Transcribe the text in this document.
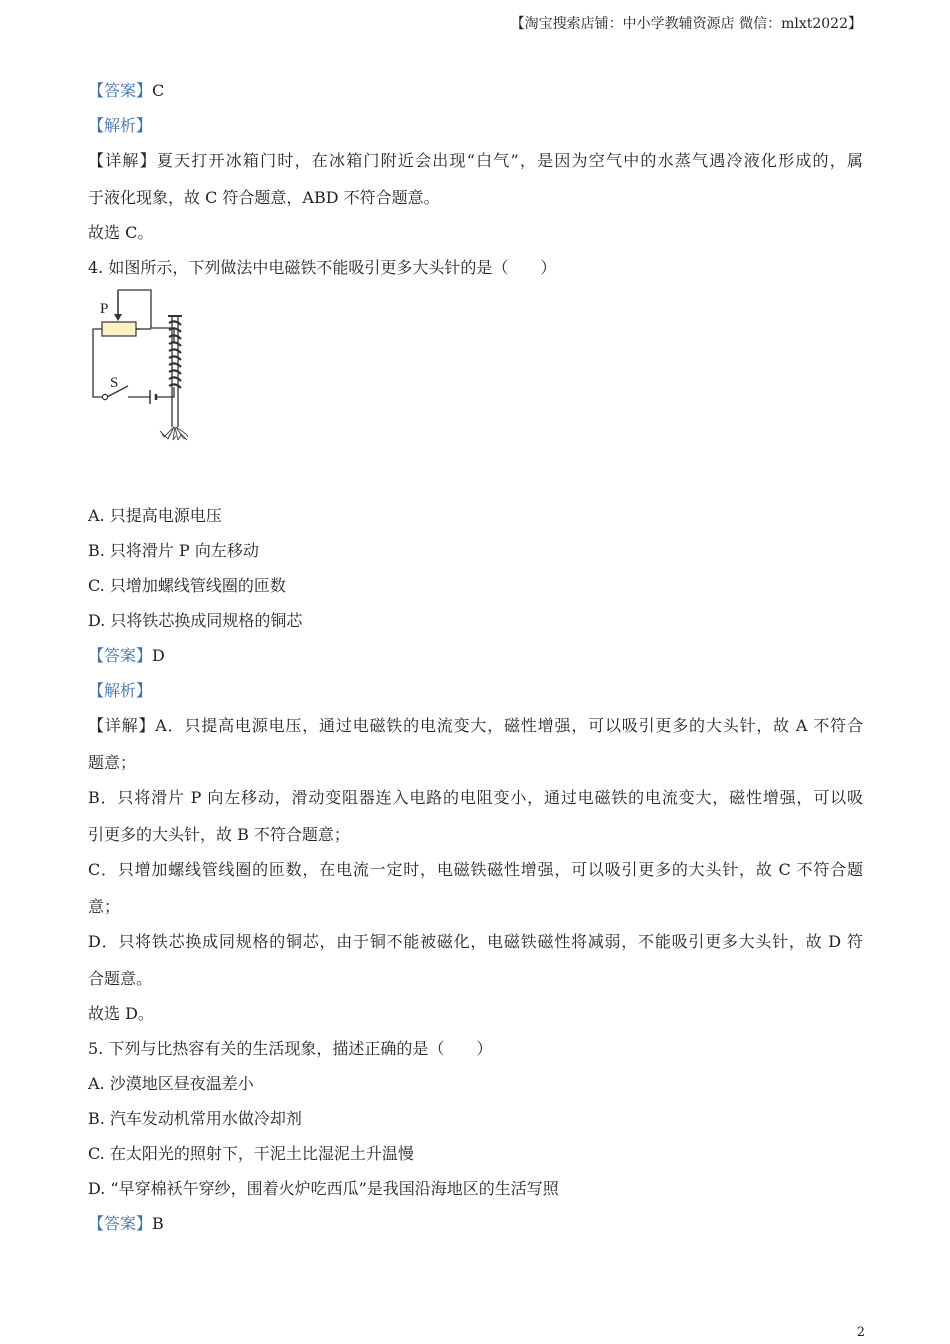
【淘宝搜索店铺：中小学教辅资源店 微信：mlxt2022】
【答案】C
【解析】
【详解】夏天打开冰箱门时，在冰箱门附近会出现“白气”，是因为空气中的水蒸气遇冷液化形成的，属
于液化现象，故 C 符合题意，ABD 不符合题意。
故选 C。
4. 如图所示，下列做法中电磁铁不能吸引更多大头针的是（　　）
P
S
A. 只提高电源电压
B. 只将滑片 P 向左移动
C. 只增加螺线管线圈的匝数
D. 只将铁芯换成同规格的铜芯
【答案】D
【解析】
【详解】A．只提高电源电压，通过电磁铁的电流变大，磁性增强，可以吸引更多的大头针，故 A 不符合
题意；
B．只将滑片 P 向左移动，滑动变阻器连入电路的电阻变小，通过电磁铁的电流变大，磁性增强，可以吸
引更多的大头针，故 B 不符合题意；
C．只增加螺线管线圈的匝数，在电流一定时，电磁铁磁性增强，可以吸引更多的大头针，故 C 不符合题
意；
D．只将铁芯换成同规格的铜芯，由于铜不能被磁化，电磁铁磁性将减弱，不能吸引更多大头针，故 D 符
合题意。
故选 D。
5. 下列与比热容有关的生活现象，描述正确的是（　　）
A. 沙漠地区昼夜温差小
B. 汽车发动机常用水做冷却剂
C. 在太阳光的照射下，干泥土比湿泥土升温慢
D. “早穿棉袄午穿纱，围着火炉吃西瓜”是我国沿海地区的生活写照
【答案】B
2
